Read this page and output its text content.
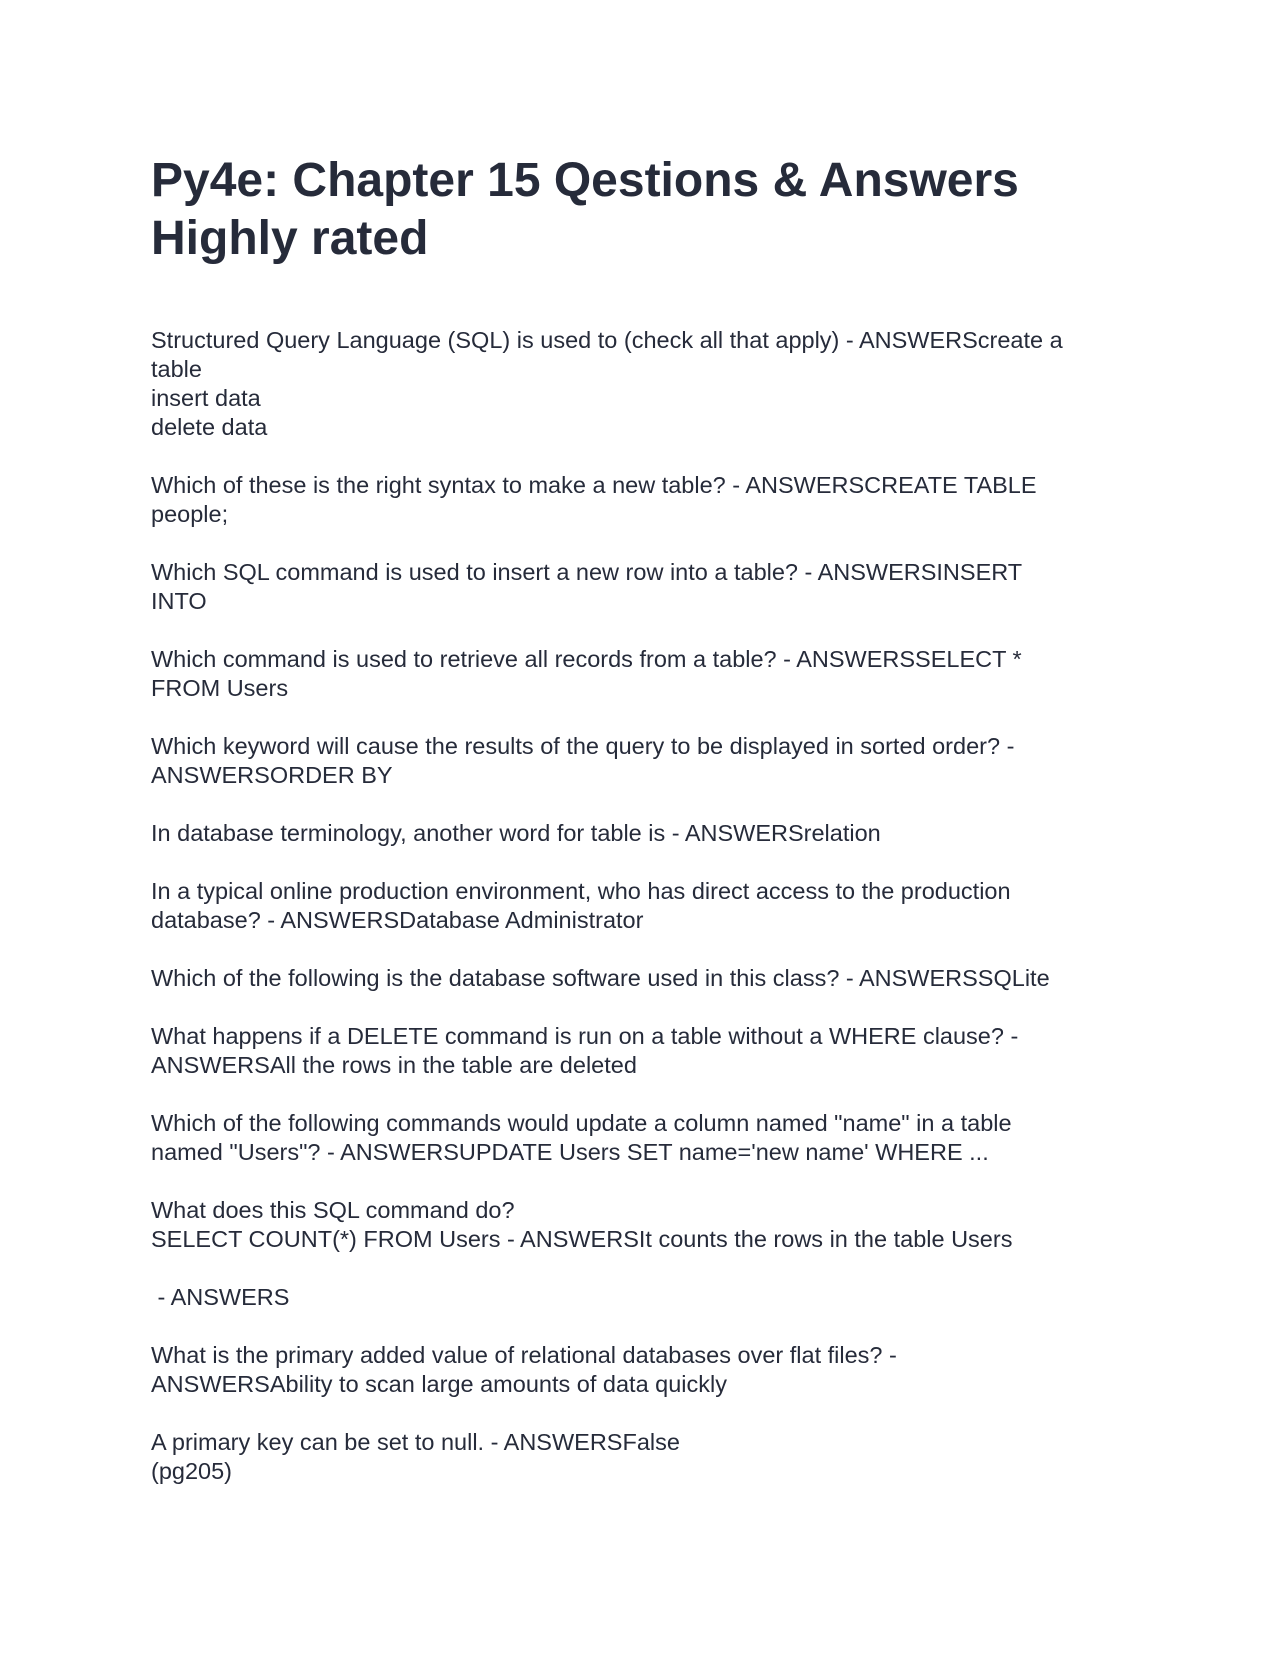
Py4e: Chapter 15 Qestions & Answers
Highly rated

Structured Query Language (SQL) is used to (check all that apply) - ANSWERScreate a
table
insert data
delete data

Which of these is the right syntax to make a new table? - ANSWERSCREATE TABLE
people;

Which SQL command is used to insert a new row into a table? - ANSWERSINSERT
INTO

Which command is used to retrieve all records from a table? - ANSWERSSELECT *
FROM Users

Which keyword will cause the results of the query to be displayed in sorted order? -
ANSWERSORDER BY

In database terminology, another word for table is - ANSWERSrelation

In a typical online production environment, who has direct access to the production
database? - ANSWERSDatabase Administrator

Which of the following is the database software used in this class? - ANSWERSSQLite

What happens if a DELETE command is run on a table without a WHERE clause? -
ANSWERSAll the rows in the table are deleted

Which of the following commands would update a column named "name" in a table
named "Users"? - ANSWERSUPDATE Users SET name='new name' WHERE ...

What does this SQL command do?
SELECT COUNT(*) FROM Users - ANSWERSIt counts the rows in the table Users

- ANSWERS

What is the primary added value of relational databases over flat files? -
ANSWERSAbility to scan large amounts of data quickly

A primary key can be set to null. - ANSWERSFalse
(pg205)
